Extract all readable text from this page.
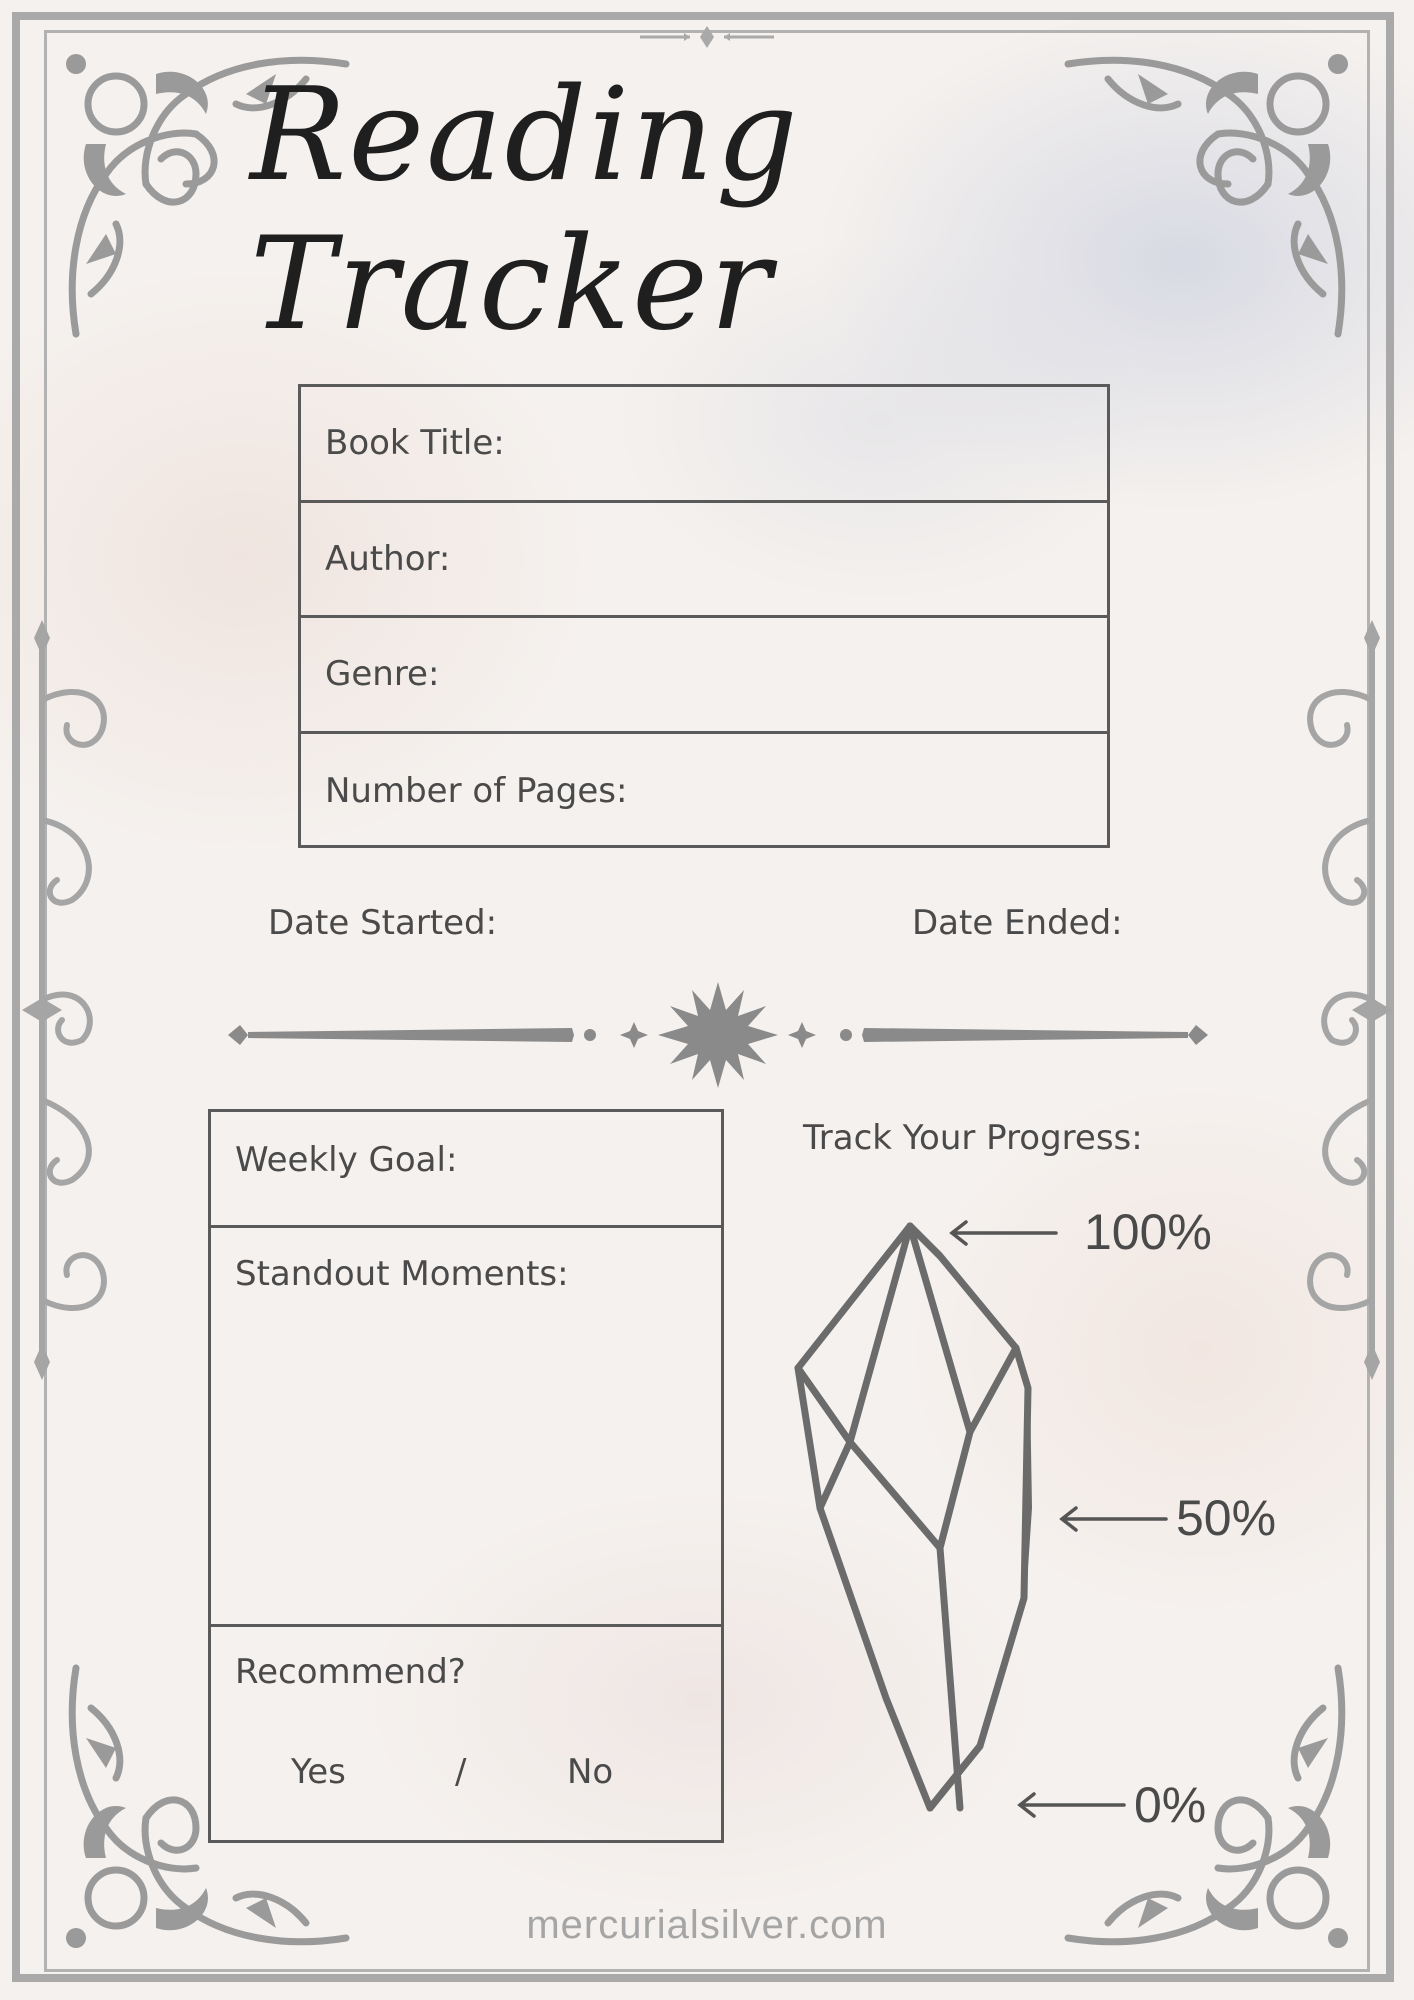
Reading Tracker
Book Title:
Author:
Genre:
Number of Pages:
Date Started:	Date Ended:
Weekly Goal:
Standout Moments:
Recommend?
Yes	/	No
Track Your Progress:
100%
50%
0%
mercurialsilver.com
